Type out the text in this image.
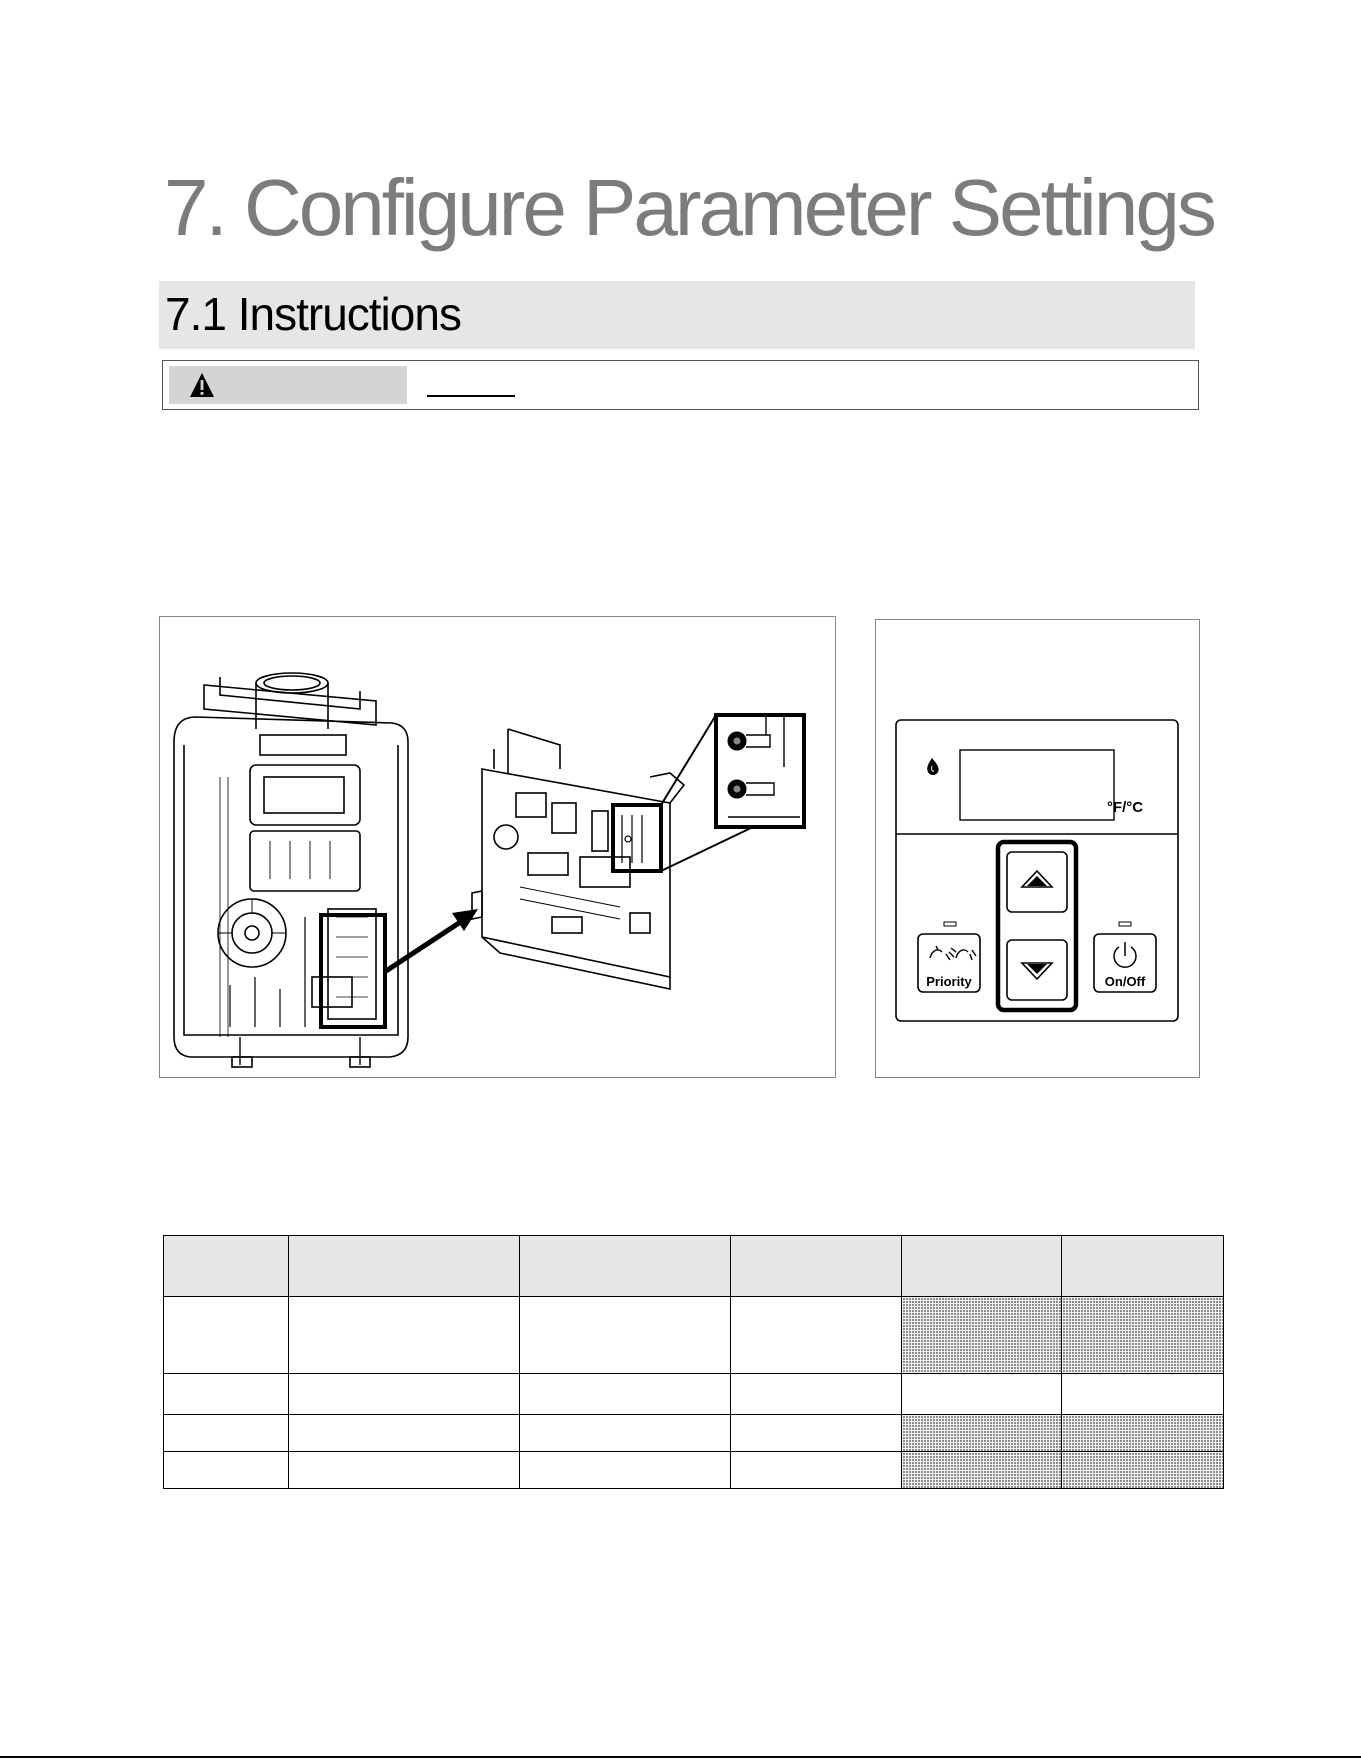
7. Configure Parameter Settings
7.1 Instructions
°F/°C
Priority	On/Off
